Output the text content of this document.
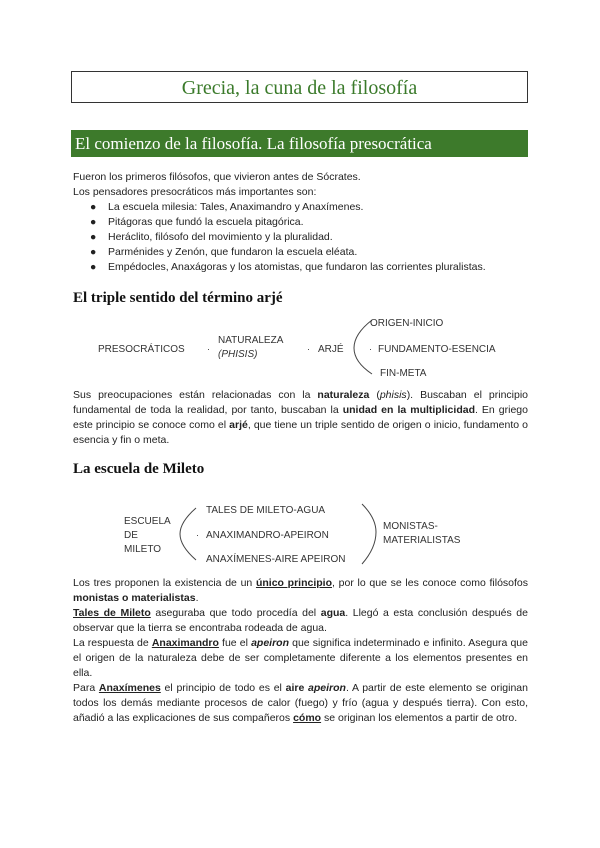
Grecia, la cuna de la filosofía
El comienzo de la filosofía. La filosofía presocrática
Fueron los primeros filósofos, que vivieron antes de Sócrates.
Los pensadores presocráticos más importantes son:
● La escuela milesia: Tales, Anaximandro y Anaxímenes.
● Pitágoras que fundó la escuela pitagórica.
● Heráclito, filósofo del movimiento y la pluralidad.
● Parménides y Zenón, que fundaron la escuela eléata.
● Empédocles, Anaxágoras y los atomistas, que fundaron las corrientes pluralistas.
El triple sentido del término arjé
PRESOCRÁTICOS ·
NATURALEZA
(PHISIS)	· ARJÉ
ORIGEN-INICIO
· FUNDAMENTO-ESENCIA
FIN-META
Sus preocupaciones están relacionadas con la naturaleza (phisis). Buscaban el principio fundamental de toda la realidad, por tanto, buscaban la unidad en la multiplicidad. En griego este principio se conoce como el arjé, que tiene un triple sentido de origen o inicio, fundamento o esencia y fin o meta.
La escuela de Mileto
ESCUELA
DE
MILETO
TALES DE MILETO-AGUA
· ANAXIMANDRO-APEIRON
ANAXÍMENES-AIRE APEIRON
MONISTAS-
MATERIALISTAS
Los tres proponen la existencia de un único principio, por lo que se les conoce como filósofos monistas o materialistas.
Tales de Mileto aseguraba que todo procedía del agua. Llegó a esta conclusión después de observar que la tierra se encontraba rodeada de agua.
La respuesta de Anaximandro fue el apeiron que significa indeterminado e infinito. Asegura que el origen de la naturaleza debe de ser completamente diferente a los elementos presentes en ella.
Para Anaxímenes el principio de todo es el aire apeiron. A partir de este elemento se originan todos los demás mediante procesos de calor (fuego) y frío (agua y después tierra). Con esto, añadió a las explicaciones de sus compañeros cómo se originan los elementos a partir de otro.
